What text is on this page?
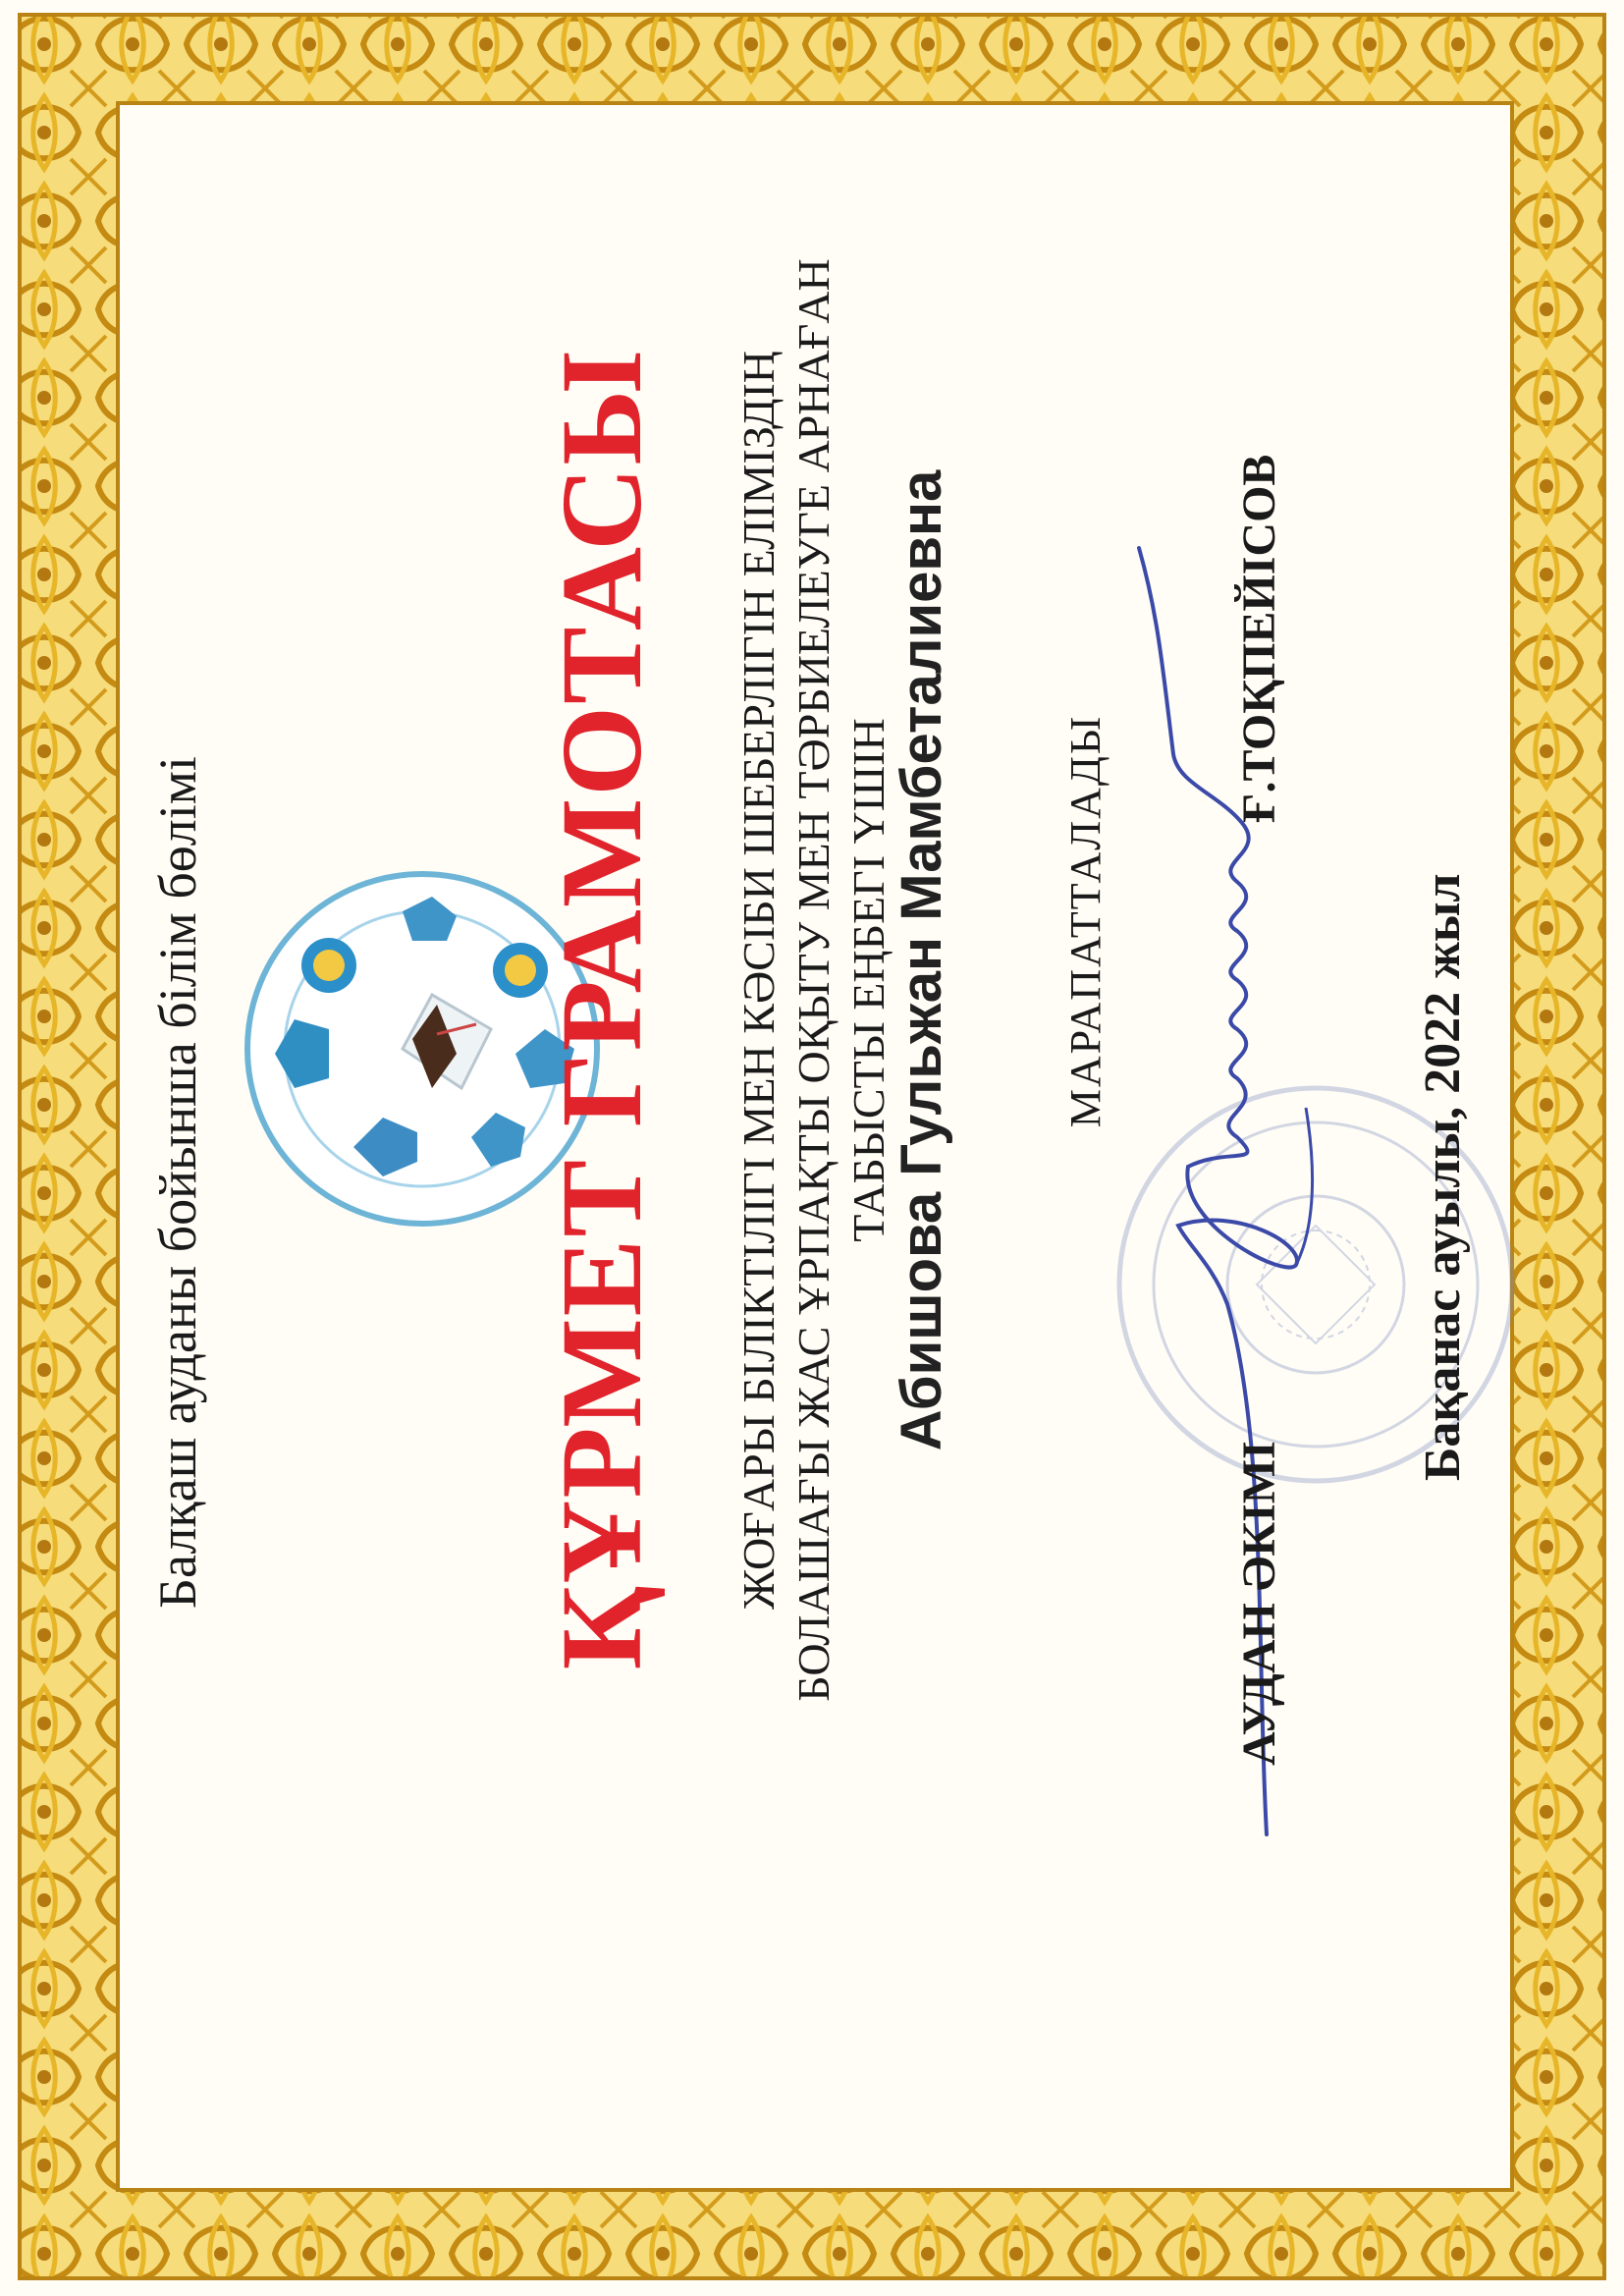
Балқаш ауданы бойынша білім бөлімі	ҚҰРМЕТ ГРАМОТАСЫ ЖОҒАРЫ БІЛІКТІЛІГІ МЕН КӘСІБИ ШЕБЕРЛІГІН ЕЛІМІЗДІҢ БОЛАШАҒЫ ЖАС ҰРПАҚТЫ ОҚЫТУ МЕН ТӘРБИЕЛЕУГЕ АРНАҒАН ТАБЫСТЫ ЕҢБЕГІ ҮШІН
Абишова Гульжан Мамбеталиевна	МАРАПАТТАЛАДЫ
АУДАН ӘКІМІ
Ғ.ТОҚПЕЙІСОВ
Бақанас ауылы, 2022 жыл
